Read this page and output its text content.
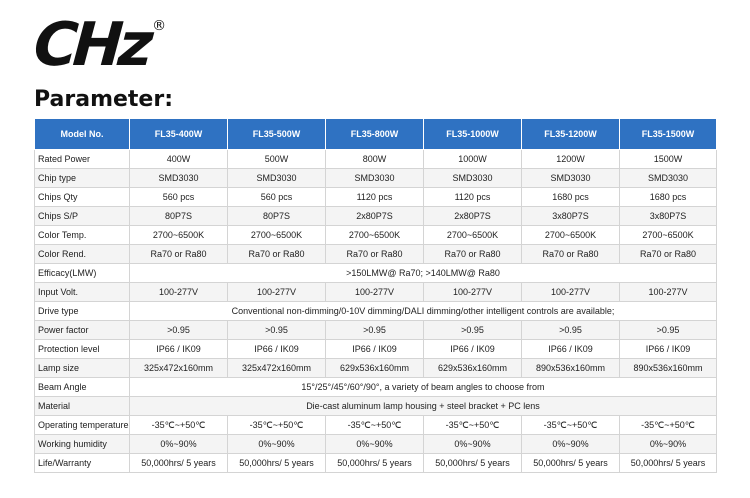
CHz ®
Parameter:
Model No.	FL35-400W	FL35-500W	FL35-800W	FL35-1000W	FL35-1200W	FL35-1500W
Rated Power	400W	500W	800W	1000W	1200W	1500W
Chip type	SMD3030	SMD3030	SMD3030	SMD3030	SMD3030	SMD3030
Chips Qty	560 pcs	560 pcs	1120 pcs	1120 pcs	1680 pcs	1680 pcs
Chips S/P	80P7S	80P7S	2x80P7S	2x80P7S	3x80P7S	3x80P7S
Color Temp.	2700~6500K	2700~6500K	2700~6500K	2700~6500K	2700~6500K	2700~6500K
Color Rend.	Ra70 or Ra80	Ra70 or Ra80	Ra70 or Ra80	Ra70 or Ra80	Ra70 or Ra80	Ra70 or Ra80
Efficacy(LMW)	>150LMW@ Ra70; >140LMW@ Ra80					
Input Volt.	100-277V	100-277V	100-277V	100-277V	100-277V	100-277V
Drive type	Conventional non-dimming/0-10V dimming/DALI dimming/other intelligent controls are available;					
Power factor	>0.95	>0.95	>0.95	>0.95	>0.95	>0.95
Protection level	IP66 / IK09	IP66 / IK09	IP66 / IK09	IP66 / IK09	IP66 / IK09	IP66 / IK09
Lamp size	325x472x160mm	325x472x160mm	629x536x160mm	629x536x160mm	890x536x160mm	890x536x160mm
Beam Angle	15°/25°/45°/60°/90°, a variety of beam angles to choose from					
Material	Die-cast aluminum lamp housing + steel bracket + PC lens					
Operating temperature	-35℃~+50℃	-35℃~+50℃	-35℃~+50℃	-35℃~+50℃	-35℃~+50℃	-35℃~+50℃
Working humidity	0%~90%	0%~90%	0%~90%	0%~90%	0%~90%	0%~90%
Life/Warranty	50,000hrs/ 5 years	50,000hrs/ 5 years	50,000hrs/ 5 years	50,000hrs/ 5 years	50,000hrs/ 5 years	50,000hrs/ 5 years
